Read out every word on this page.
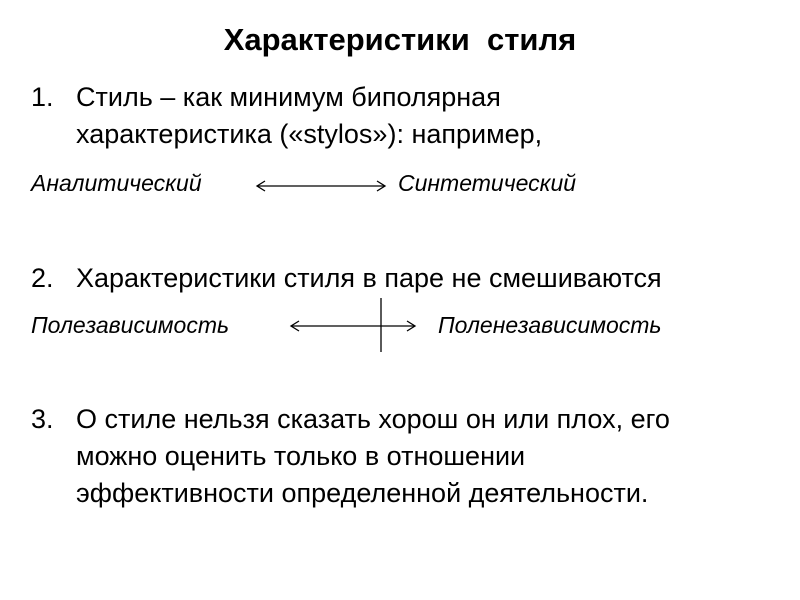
Характеристики  стиля
1. Стиль – как минимум биполярная
характеристика («stylos»): например,
Аналитический	Синтетический
2. Характеристики стиля в паре не смешиваются
Полезависимость	Поленезависимость
3. О стиле нельзя сказать хорош он или плох, его
можно оценить только в отношении
эффективности определенной деятельности.
